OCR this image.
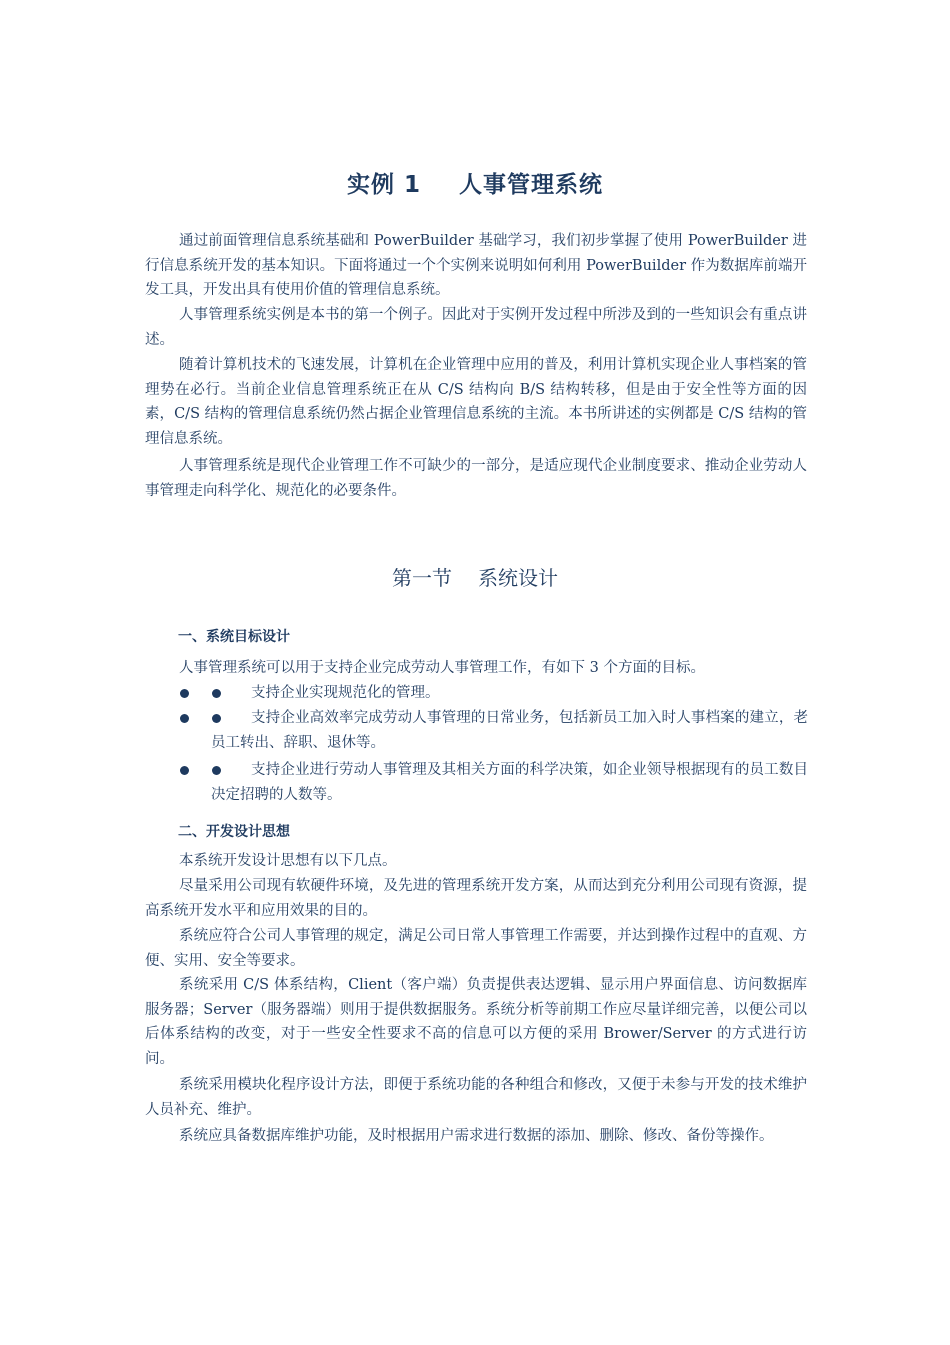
实例 1 人事管理系统

通过前面管理信息系统基础和 PowerBuilder 基础学习，我们初步掌握了使用 PowerBuilder 进行信息系统开发的基本知识。下面将通过一个个实例来说明如何利用 PowerBuilder 作为数据库前端开发工具，开发出具有使用价值的管理信息系统。

人事管理系统实例是本书的第一个例子。因此对于实例开发过程中所涉及到的一些知识会有重点讲述。

随着计算机技术的飞速发展，计算机在企业管理中应用的普及，利用计算机实现企业人事档案的管理势在必行。当前企业信息管理系统正在从 C/S 结构向 B/S 结构转移，但是由于安全性等方面的因素，C/S 结构的管理信息系统仍然占据企业管理信息系统的主流。本书所讲述的实例都是 C/S 结构的管理信息系统。

人事管理系统是现代企业管理工作不可缺少的一部分，是适应现代企业制度要求、推动企业劳动人事管理走向科学化、规范化的必要条件。

第一节 系统设计
一、系统目标设计

人事管理系统可以用于支持企业完成劳动人事管理工作，有如下 3 个方面的目标。

支持企业实现规范化的管理。

支持企业高效率完成劳动人事管理的日常业务，包括新员工加入时人事档案的建立，老员工转出、辞职、退休等。

支持企业进行劳动人事管理及其相关方面的科学决策，如企业领导根据现有的员工数目决定招聘的人数等。

二、开发设计思想

本系统开发设计思想有以下几点。

尽量采用公司现有软硬件环境，及先进的管理系统开发方案，从而达到充分利用公司现有资源，提高系统开发水平和应用效果的目的。

系统应符合公司人事管理的规定，满足公司日常人事管理工作需要，并达到操作过程中的直观、方便、实用、安全等要求。

系统采用 C/S 体系结构，Client（客户端）负责提供表达逻辑、显示用户界面信息、访问数据库服务器；Server（服务器端）则用于提供数据服务。系统分析等前期工作应尽量详细完善，以便公司以后体系结构的改变，对于一些安全性要求不高的信息可以方便的采用 Brower/Server 的方式进行访问。

系统采用模块化程序设计方法，即便于系统功能的各种组合和修改，又便于未参与开发的技术维护人员补充、维护。

系统应具备数据库维护功能，及时根据用户需求进行数据的添加、删除、修改、备份等操作。
